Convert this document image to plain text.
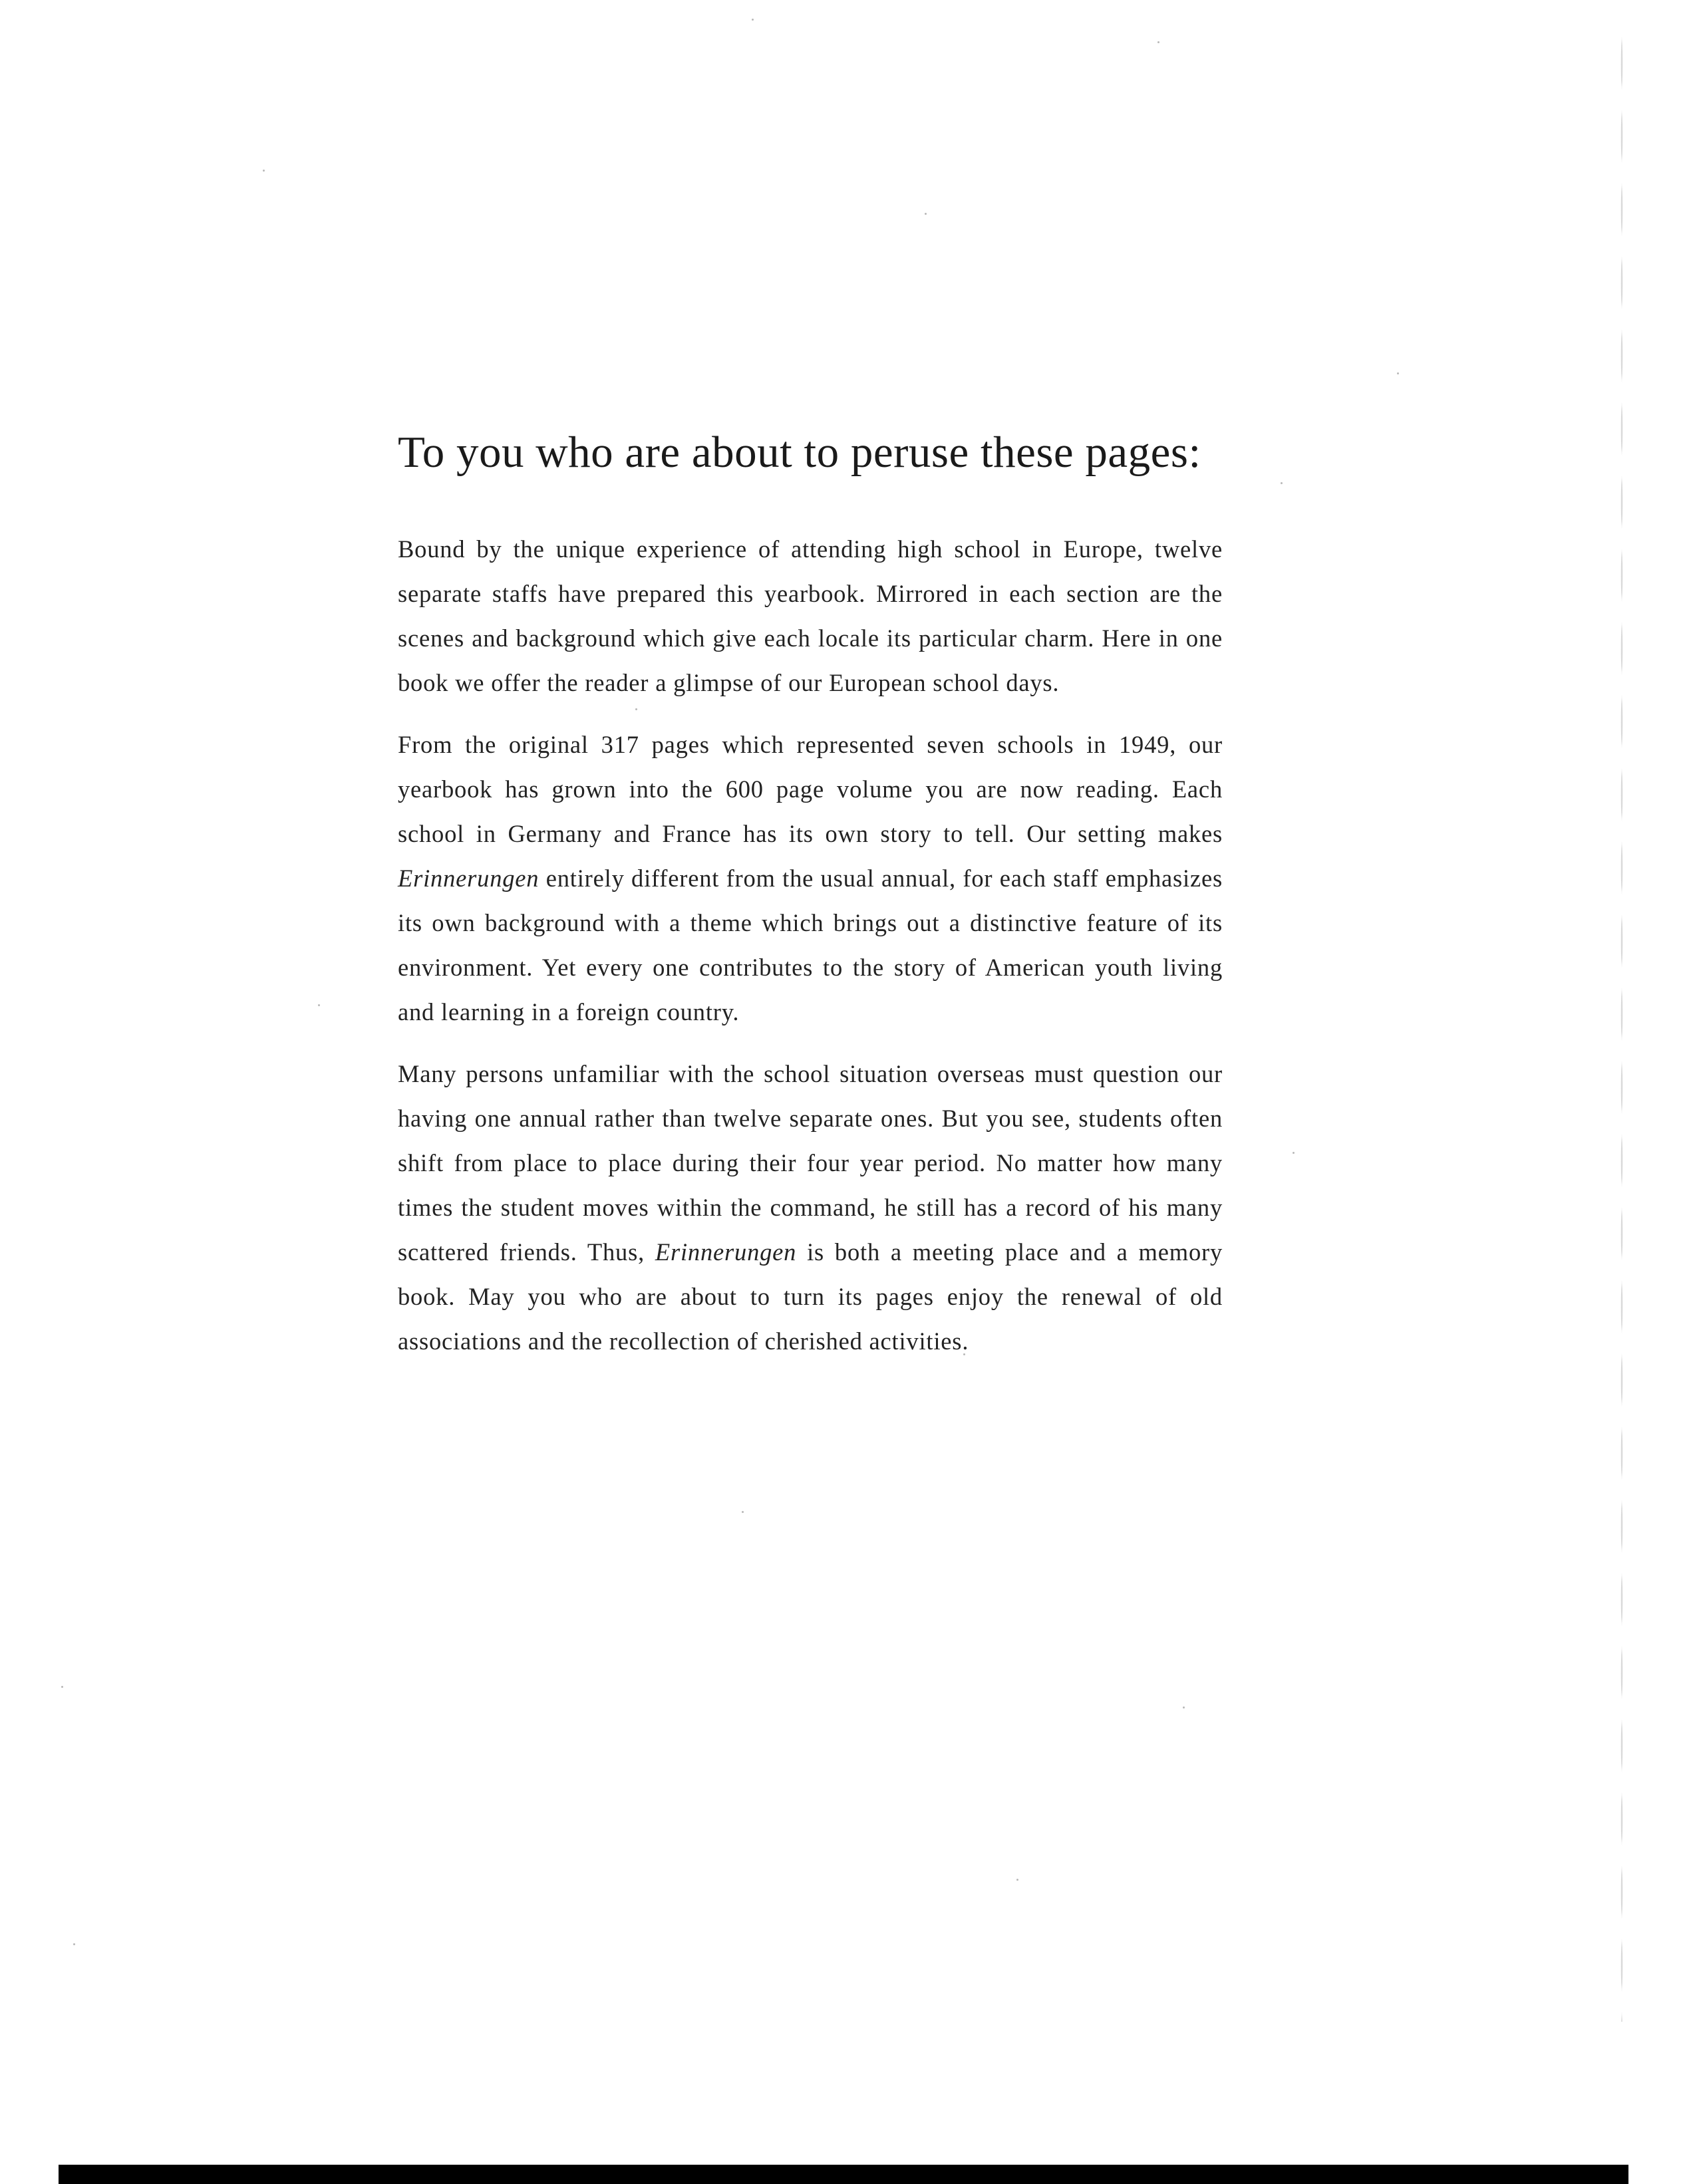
To you who are about to peruse these pages:

Bound by the unique experience of attending high school in Europe, twelve separate staffs have prepared this yearbook. Mirrored in each section are the scenes and background which give each locale its particular charm. Here in one book we offer the reader a glimpse of our European school days.

From the original 317 pages which represented seven schools in 1949, our yearbook has grown into the 600 page volume you are now reading. Each school in Germany and France has its own story to tell. Our setting makes Erinnerungen entirely different from the usual annual, for each staff emphasizes its own background with a theme which brings out a distinctive feature of its environment. Yet every one contributes to the story of American youth living and learning in a foreign country.

Many persons unfamiliar with the school situation overseas must question our having one annual rather than twelve separate ones. But you see, students often shift from place to place during their four year period. No matter how many times the student moves within the command, he still has a record of his many scattered friends. Thus, Erinnerungen is both a meeting place and a memory book. May you who are about to turn its pages enjoy the renewal of old associations and the recollection of cherished activities.
